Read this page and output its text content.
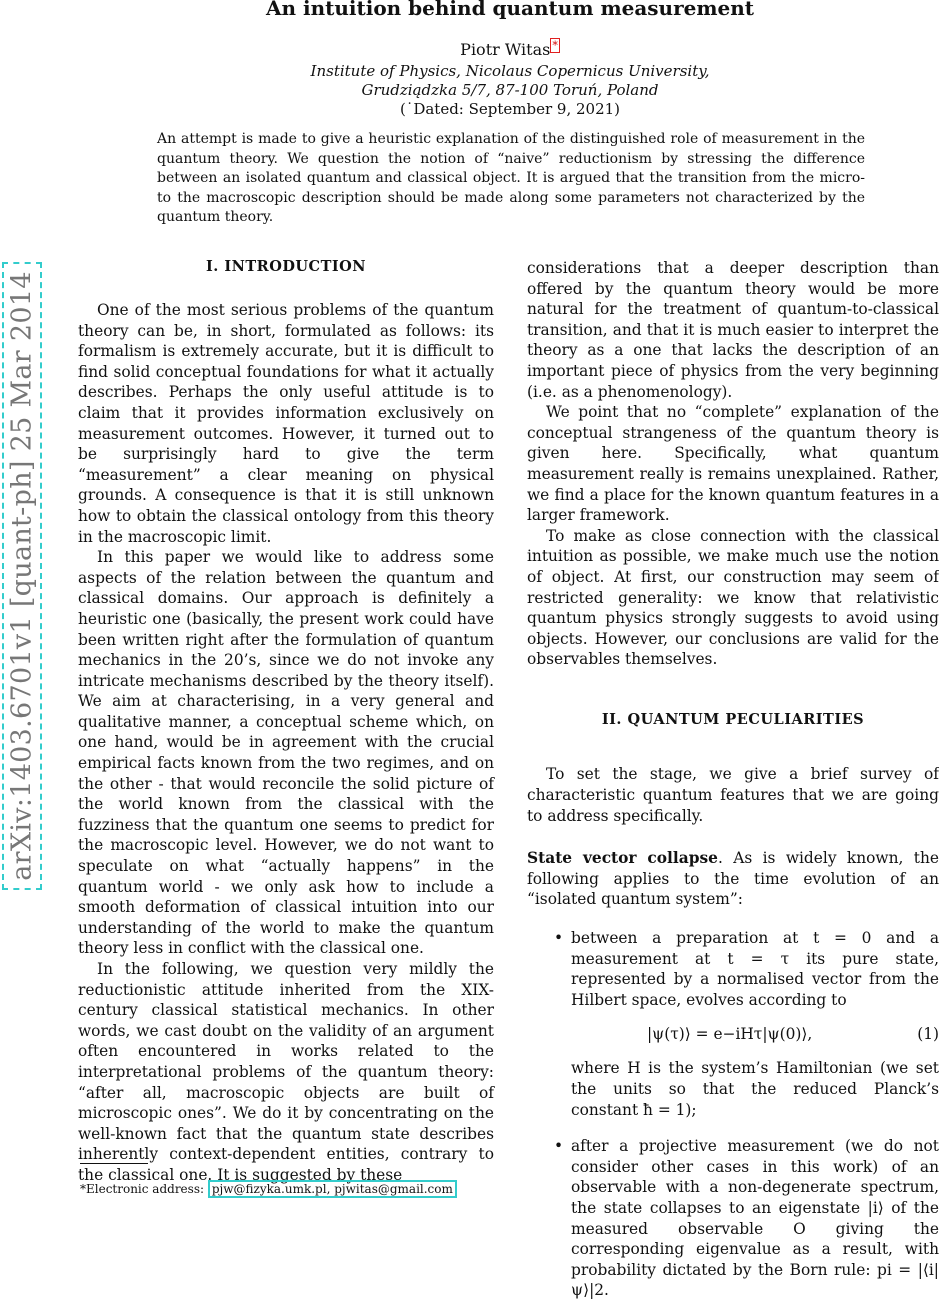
An intuition behind quantum measurement
Piotr Witas *
Institute of Physics, Nicolaus Copernicus University,
Grudziądzka 5/7, 87-100 Toruń, Poland
(˙Dated: September 9, 2021)
An attempt is made to give a heuristic explanation of the distinguished role of measurement in the quantum theory. We question the notion of “naive” reductionism by stressing the difference between an isolated quantum and classical object. It is argued that the transition from the micro- to the macroscopic description should be made along some parameters not characterized by the quantum theory.
arXiv:1403.6701v1 [quant-ph] 25 Mar 2014
I. INTRODUCTION

One of the most serious problems of the quantum theory can be, in short, formulated as follows: its formalism is extremely accurate, but it is difficult to find solid conceptual foundations for what it actually describes. Perhaps the only useful attitude is to claim that it provides information exclusively on measurement outcomes. However, it turned out to be surprisingly hard to give the term “measurement” a clear meaning on physical grounds. A consequence is that it is still unknown how to obtain the classical ontology from this theory in the macroscopic limit.

In this paper we would like to address some aspects of the relation between the quantum and classical domains. Our approach is definitely a heuristic one (basically, the present work could have been written right after the formulation of quantum mechanics in the 20’s, since we do not invoke any intricate mechanisms described by the theory itself). We aim at characterising, in a very general and qualitative manner, a conceptual scheme which, on one hand, would be in agreement with the crucial empirical facts known from the two regimes, and on the other - that would reconcile the solid picture of the world known from the classical with the fuzziness that the quantum one seems to predict for the macroscopic level. However, we do not want to speculate on what “actually happens” in the quantum world - we only ask how to include a smooth deformation of classical intuition into our understanding of the world to make the quantum theory less in conflict with the classical one.

In the following, we question very mildly the reductionistic attitude inherited from the XIX-century classical statistical mechanics. In other words, we cast doubt on the validity of an argument often encountered in works related to the interpretational problems of the quantum theory: “after all, macroscopic objects are built of microscopic ones”. We do it by concentrating on the well-known fact that the quantum state describes inherently context-dependent entities, contrary to the classical one. It is suggested by these

considerations that a deeper description than offered by the quantum theory would be more natural for the treatment of quantum-to-classical transition, and that it is much easier to interpret the theory as a one that lacks the description of an important piece of physics from the very beginning (i.e. as a phenomenology).

We point that no “complete” explanation of the conceptual strangeness of the quantum theory is given here. Specifically, what quantum measurement really is remains unexplained. Rather, we find a place for the known quantum features in a larger framework.

To make as close connection with the classical intuition as possible, we make much use the notion of object. At first, our construction may seem of restricted generality: we know that relativistic quantum physics strongly suggests to avoid using objects. However, our conclusions are valid for the observables themselves.

II. QUANTUM PECULIARITIES

To set the stage, we give a brief survey of characteristic quantum features that we are going to address specifically.

State vector collapse. As is widely known, the following applies to the time evolution of an “isolated quantum system”:

• between a preparation at t = 0 and a measurement at t = τ its pure state, represented by a normalised vector from the Hilbert space, evolves according to
|ψ(τ)⟩ = e−iHτ|ψ(0)⟩,	(1)
where H is the system’s Hamiltonian (we set the units so that the reduced Planck’s constant ħ = 1);
• after a projective measurement (we do not consider other cases in this work) of an observable with a non-degenerate spectrum, the state collapses to an eigenstate |i⟩ of the measured observable O giving the corresponding eigenvalue as a result, with probability dictated by the Born rule: pi = |⟨i|ψ⟩|2.
*Electronic address: pjw@fizyka.umk.pl, pjwitas@gmail.com
